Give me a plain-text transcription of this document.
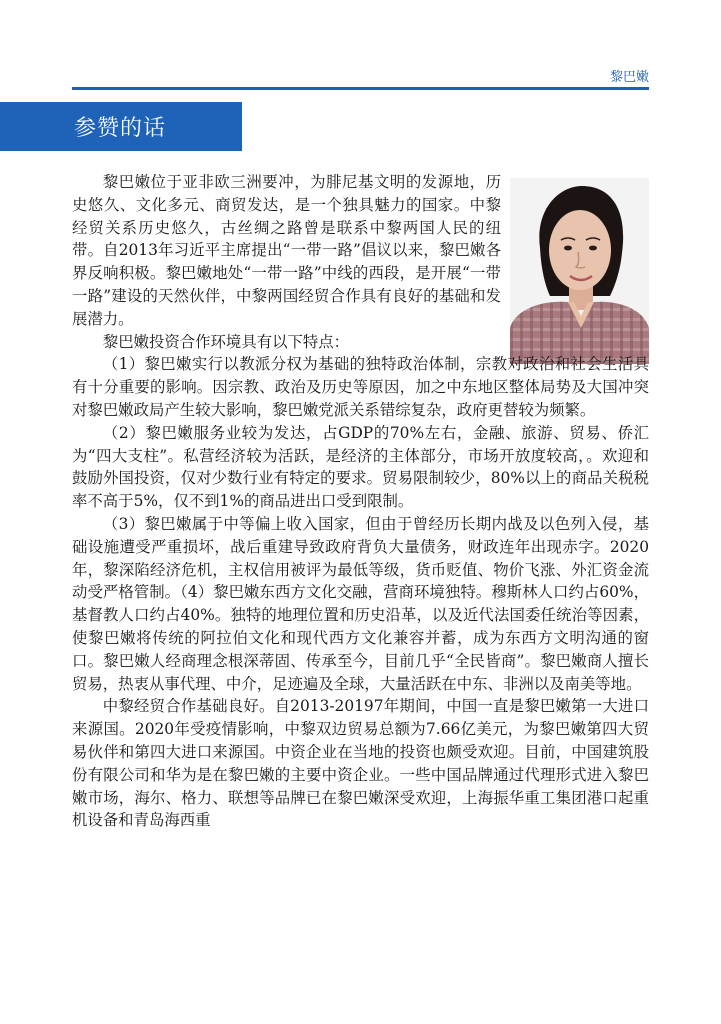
黎巴嫩
参赞的话

黎巴嫩位于亚非欧三洲要冲，为腓尼基文明的发源地，历史悠久、文化多元、商贸发达，是一个独具魅力的国家。中黎经贸关系历史悠久，古丝绸之路曾是联系中黎两国人民的纽带。自2013年习近平主席提出“一带一路”倡议以来，黎巴嫩各界反响积极。黎巴嫩地处“一带一路”中线的西段，是开展“一带一路”建设的天然伙伴，中黎两国经贸合作具有良好的基础和发展潜力。

黎巴嫩投资合作环境具有以下特点：

（1）黎巴嫩实行以教派分权为基础的独特政治体制，宗教对政治和社会生活具有十分重要的影响。因宗教、政治及历史等原因，加之中东地区整体局势及大国冲突对黎巴嫩政局产生较大影响，黎巴嫩党派关系错综复杂，政府更替较为频繁。

（2）黎巴嫩服务业较为发达，占GDP的70%左右，金融、旅游、贸易、侨汇为“四大支柱”。私营经济较为活跃，是经济的主体部分，市场开放度较高，。欢迎和鼓励外国投资，仅对少数行业有特定的要求。贸易限制较少，80%以上的商品关税税率不高于5%，仅不到1%的商品进出口受到限制。

（3）黎巴嫩属于中等偏上收入国家，但由于曾经历长期内战及以色列入侵，基础设施遭受严重损坏，战后重建导致政府背负大量债务，财政连年出现赤字。2020年，黎深陷经济危机，主权信用被评为最低等级，货币贬值、物价飞涨、外汇资金流动受严格管制。（4）黎巴嫩东西方文化交融，营商环境独特。穆斯林人口约占60%，基督教人口约占40%。独特的地理位置和历史沿革，以及近代法国委任统治等因素，使黎巴嫩将传统的阿拉伯文化和现代西方文化兼容并蓄，成为东西方文明沟通的窗口。黎巴嫩人经商理念根深蒂固、传承至今，目前几乎“全民皆商”。黎巴嫩商人擅长贸易，热衷从事代理、中介，足迹遍及全球，大量活跃在中东、非洲以及南美等地。

中黎经贸合作基础良好。自2013-20197年期间，中国一直是黎巴嫩第一大进口来源国。2020年受疫情影响，中黎双边贸易总额为7.66亿美元，为黎巴嫩第四大贸易伙伴和第四大进口来源国。中资企业在当地的投资也颇受欢迎。目前，中国建筑股份有限公司和华为是在黎巴嫩的主要中资企业。一些中国品牌通过代理形式进入黎巴嫩市场，海尔、格力、联想等品牌已在黎巴嫩深受欢迎，上海振华重工集团港口起重机设备和青岛海西重
